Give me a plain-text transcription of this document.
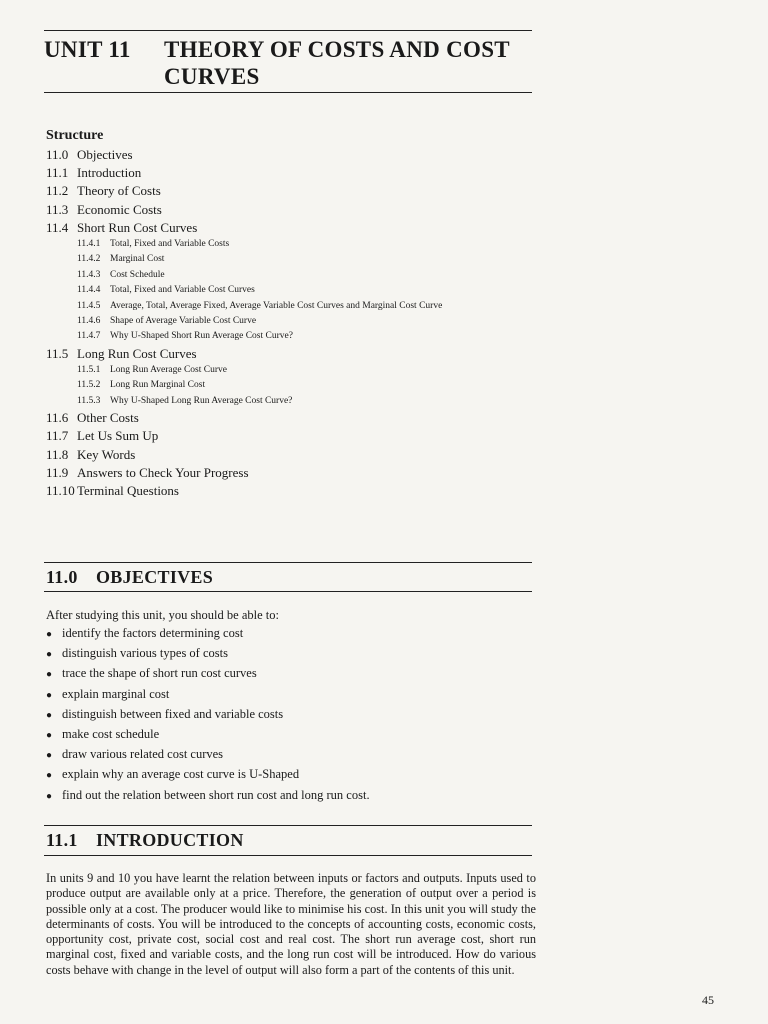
UNIT 11 THEORY OF COSTS AND COST CURVES
Structure
11.0 Objectives
11.1 Introduction
11.2 Theory of Costs
11.3 Economic Costs
11.4 Short Run Cost Curves
11.4.1 Total, Fixed and Variable Costs
11.4.2 Marginal Cost
11.4.3 Cost Schedule
11.4.4 Total, Fixed and Variable Cost Curves
11.4.5 Average, Total, Average Fixed, Average Variable Cost Curves and Marginal Cost Curve
11.4.6 Shape of Average Variable Cost Curve
11.4.7 Why U-Shaped Short Run Average Cost Curve?
11.5 Long Run Cost Curves
11.5.1 Long Run Average Cost Curve
11.5.2 Long Run Marginal Cost
11.5.3 Why U-Shaped Long Run Average Cost Curve?
11.6 Other Costs
11.7 Let Us Sum Up
11.8 Key Words
11.9 Answers to Check Your Progress
11.10 Terminal Questions
11.0 OBJECTIVES
After studying this unit, you should be able to:
● identify the factors determining cost
● distinguish various types of costs
● trace the shape of short run cost curves
● explain marginal cost
● distinguish between fixed and variable costs
● make cost schedule
● draw various related cost curves
● explain why an average cost curve is U-Shaped
● find out the relation between short run cost and long run cost.
11.1 INTRODUCTION
In units 9 and 10 you have learnt the relation between inputs or factors and outputs. Inputs used to produce output are available only at a price. Therefore, the generation of output over a period is possible only at a cost. The producer would like to minimise his cost. In this unit you will study the determinants of costs. You will be introduced to the concepts of accounting costs, economic costs, opportunity cost, private cost, social cost and real cost. The short run average cost, short run marginal cost, fixed and variable costs, and the long run cost will be introduced. How do various costs behave with change in the level of output will also form a part of the contents of this unit.
45
